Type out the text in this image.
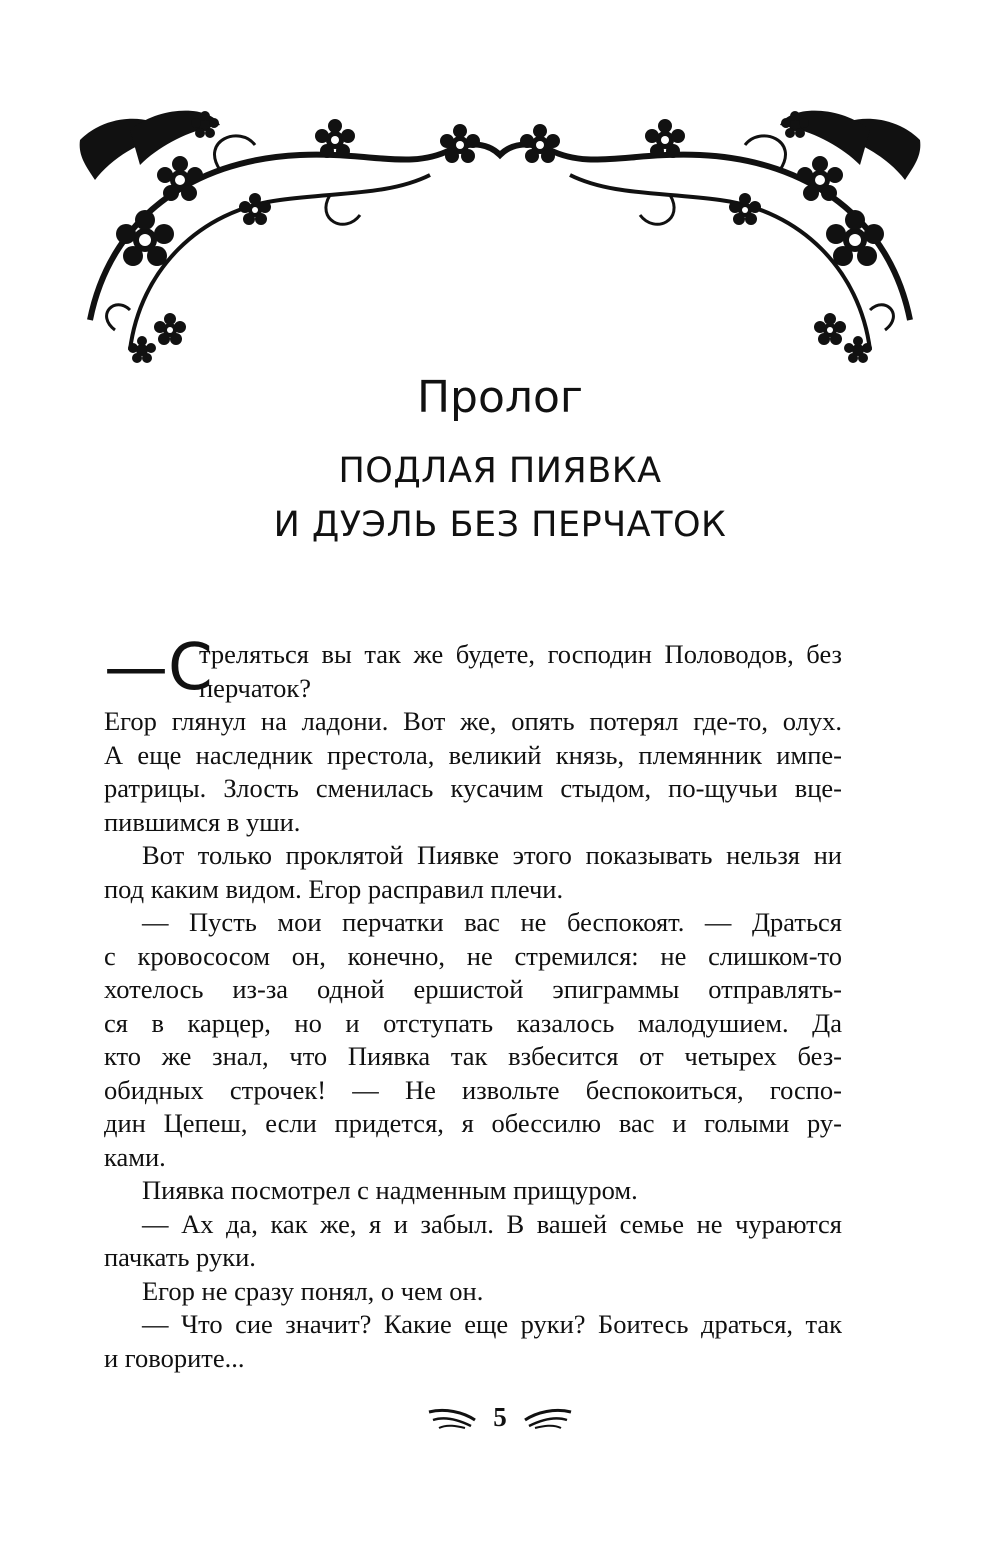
Пролог
ПОДЛАЯ ПИЯВКА
И ДУЭЛЬ БЕЗ ПЕРЧАТОК
—С
треляться вы так же будете, господин Половодов, без
перчаток?
Егор глянул на ладони. Вот же, опять потерял где-то, олух.
А еще наследник престола, великий князь, племянник импе-
ратрицы. Злость сменилась кусачим стыдом, по-щучьи вце-
пившимся в уши.
Вот только проклятой Пиявке этого показывать нельзя ни
под каким видом. Егор расправил плечи.
— Пусть мои перчатки вас не беспокоят. — Драться
с кровососом он, конечно, не стремился: не слишком-то
хотелось из-за одной ершистой эпиграммы отправлять-
ся в карцер, но и отступать казалось малодушием. Да
кто же знал, что Пиявка так взбесится от четырех без-
обидных строчек! — Не извольте беспокоиться, госпо-
дин Цепеш, если придется, я обессилю вас и голыми ру-
ками.
Пиявка посмотрел с надменным прищуром.
— Ах да, как же, я и забыл. В вашей семье не чураются
пачкать руки.
Егор не сразу понял, о чем он.
— Что сие значит? Какие еще руки? Боитесь драться, так
и говорите...
5
